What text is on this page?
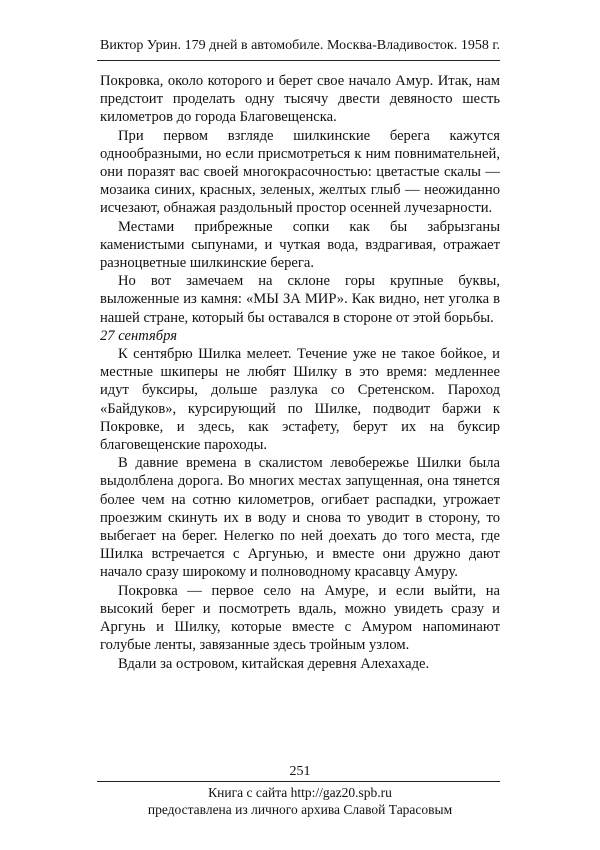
Виктор Урин. 179 дней в автомобиле. Москва-Владивосток. 1958 г.

Покровка, около которого и берет свое начало Амур. Итак, нам предстоит проделать одну тысячу двести девяносто шесть километров до города Благовещенска.

При первом взгляде шилкинские берега кажутся однообразными, но если присмотреться к ним повнимательней, они поразят вас своей многокрасочностью: цветастые скалы — мозаика синих, красных, зеленых, желтых глыб — неожиданно исчезают, обнажая раздольный простор осенней лучезарности.

Местами прибрежные сопки как бы забрызганы каменистыми сыпунами, и чуткая вода, вздрагивая, отражает разноцветные шилкинские берега.

Но вот замечаем на склоне горы крупные буквы, выложенные из камня: «МЫ ЗА МИР». Как видно, нет уголка в нашей стране, который бы оставался в стороне от этой борьбы.

27 сентября

К сентябрю Шилка мелеет. Течение уже не такое бойкое, и местные шкиперы не любят Шилку в это время: медленнее идут буксиры, дольше разлука со Сретенском. Пароход «Байдуков», курсирующий по Шилке, подводит баржи к Покровке, и здесь, как эстафету, берут их на буксир благовещенские пароходы.

В давние времена в скалистом левобережье Шилки была выдолблена дорога. Во многих местах запущенная, она тянется более чем на сотню километров, огибает распадки, угрожает проезжим скинуть их в воду и снова то уводит в сторону, то выбегает на берег. Нелегко по ней доехать до того места, где Шилка встречается с Аргунью, и вместе они дружно дают начало сразу широкому и полноводному красавцу Амуру.

Покровка — первое село на Амуре, и если выйти, на высокий берег и посмотреть вдаль, можно увидеть сразу и Аргунь и Шилку, которые вместе с Амуром напоминают голубые ленты, завязанные здесь тройным узлом.

Вдали за островом, китайская деревня Алехахаде.

251
Книга с сайта http://gaz20.spb.ru
предоставлена из личного архива Славой Тарасовым
